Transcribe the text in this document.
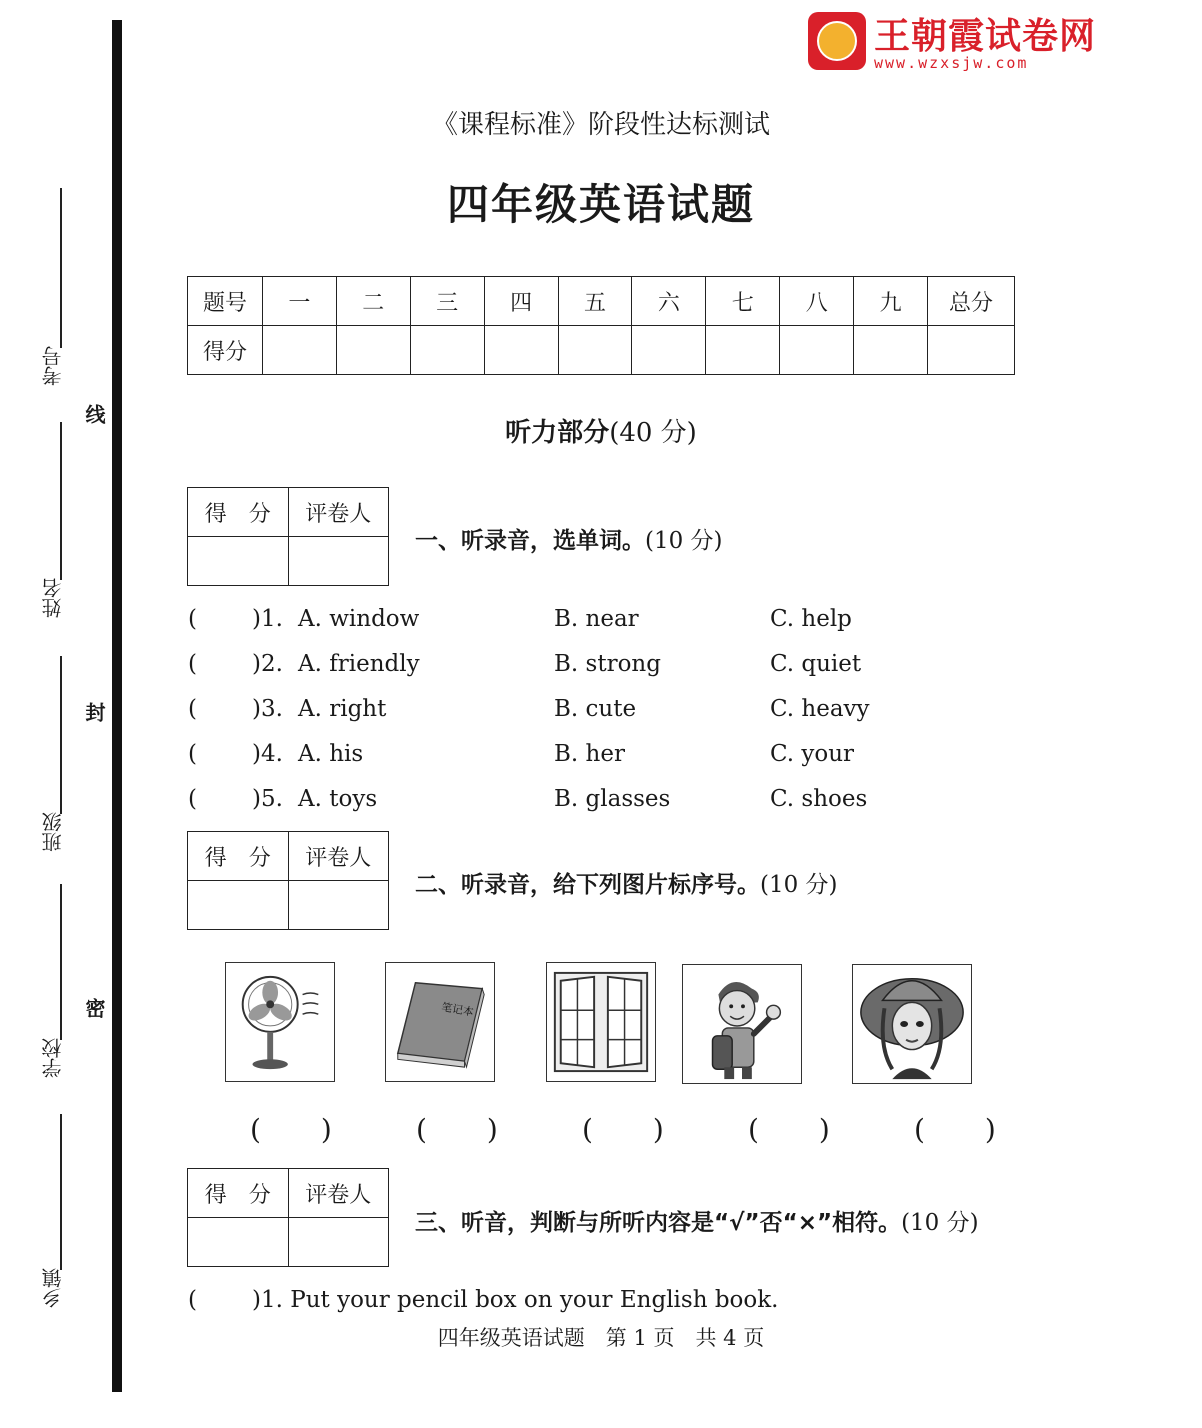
王朝霞试卷网
www.wzxsjw.com
考号
姓名
班级
学校
乡镇
线
封
密
《课程标准》阶段性达标测试
四年级英语试题
题号	一	二	三	四	五	六	七	八	九	总分
得分										
听力部分(40 分)
得　分	评卷人

一、听录音，选单词。(10 分)
( )1. A. window	B. near	C. help
( )2. A. friendly	B. strong	C. quiet
( )3. A. right	B. cute	C. heavy
( )4. A. his	B. her	C. your
( )5. A. toys	B. glasses	C. shoes
得　分	评卷人

二、听录音，给下列图片标序号。(10 分)
笔记本
(　) (　) (　) (　) (　)
得　分	评卷人

三、听音，判断与所听内容是“√”否“×”相符。(10 分)
( )1. Put your pencil box on your English book.
四年级英语试题　第 1 页　共 4 页
